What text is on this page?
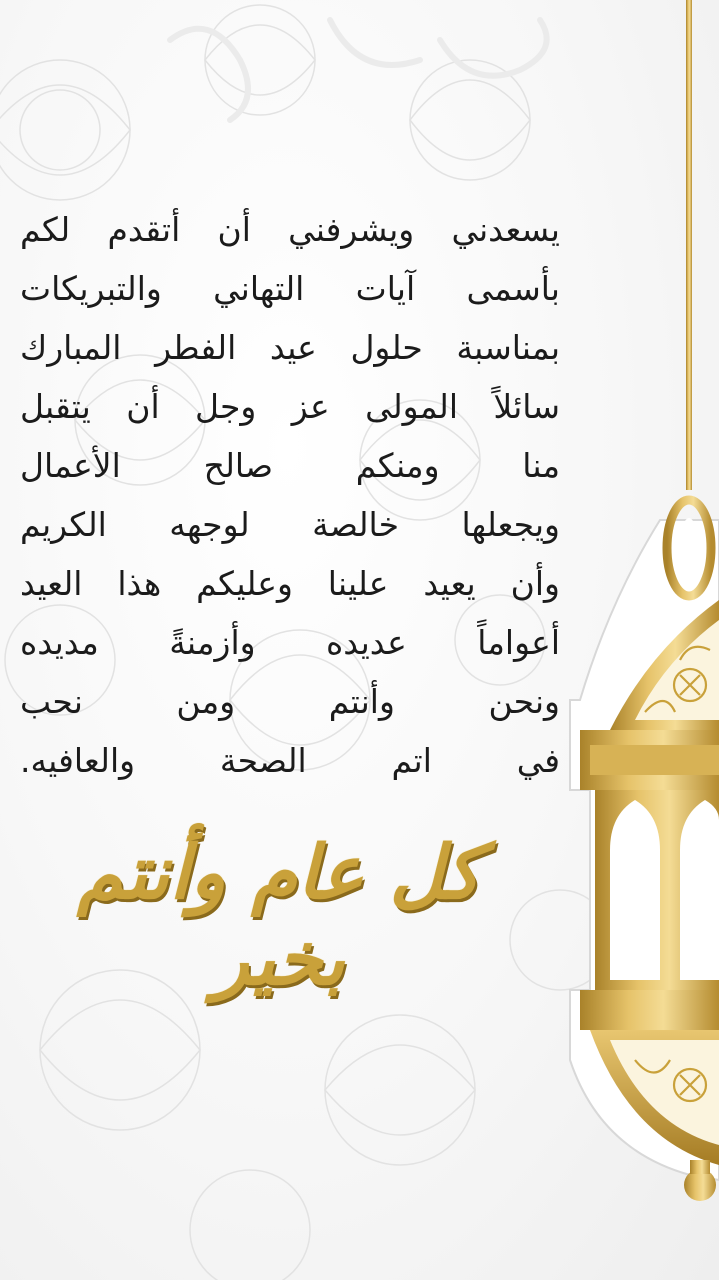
يسعدني ويشرفني أن أتقدم لكم
بأسمى آيات التهاني والتبريكات
بمناسبة حلول عيد الفطر المبارك
سائلاً المولى عز وجل أن يتقبل
منا ومنكم صالح الأعمال
ويجعلها خالصة لوجهه الكريم
وأن يعيد علينا وعليكم هذا العيد
أعواماً عديده وأزمنةً مديده
ونحن وأنتم ومن نحب
في اتم الصحة والعافيه.
كل عام وأنتم بخير
